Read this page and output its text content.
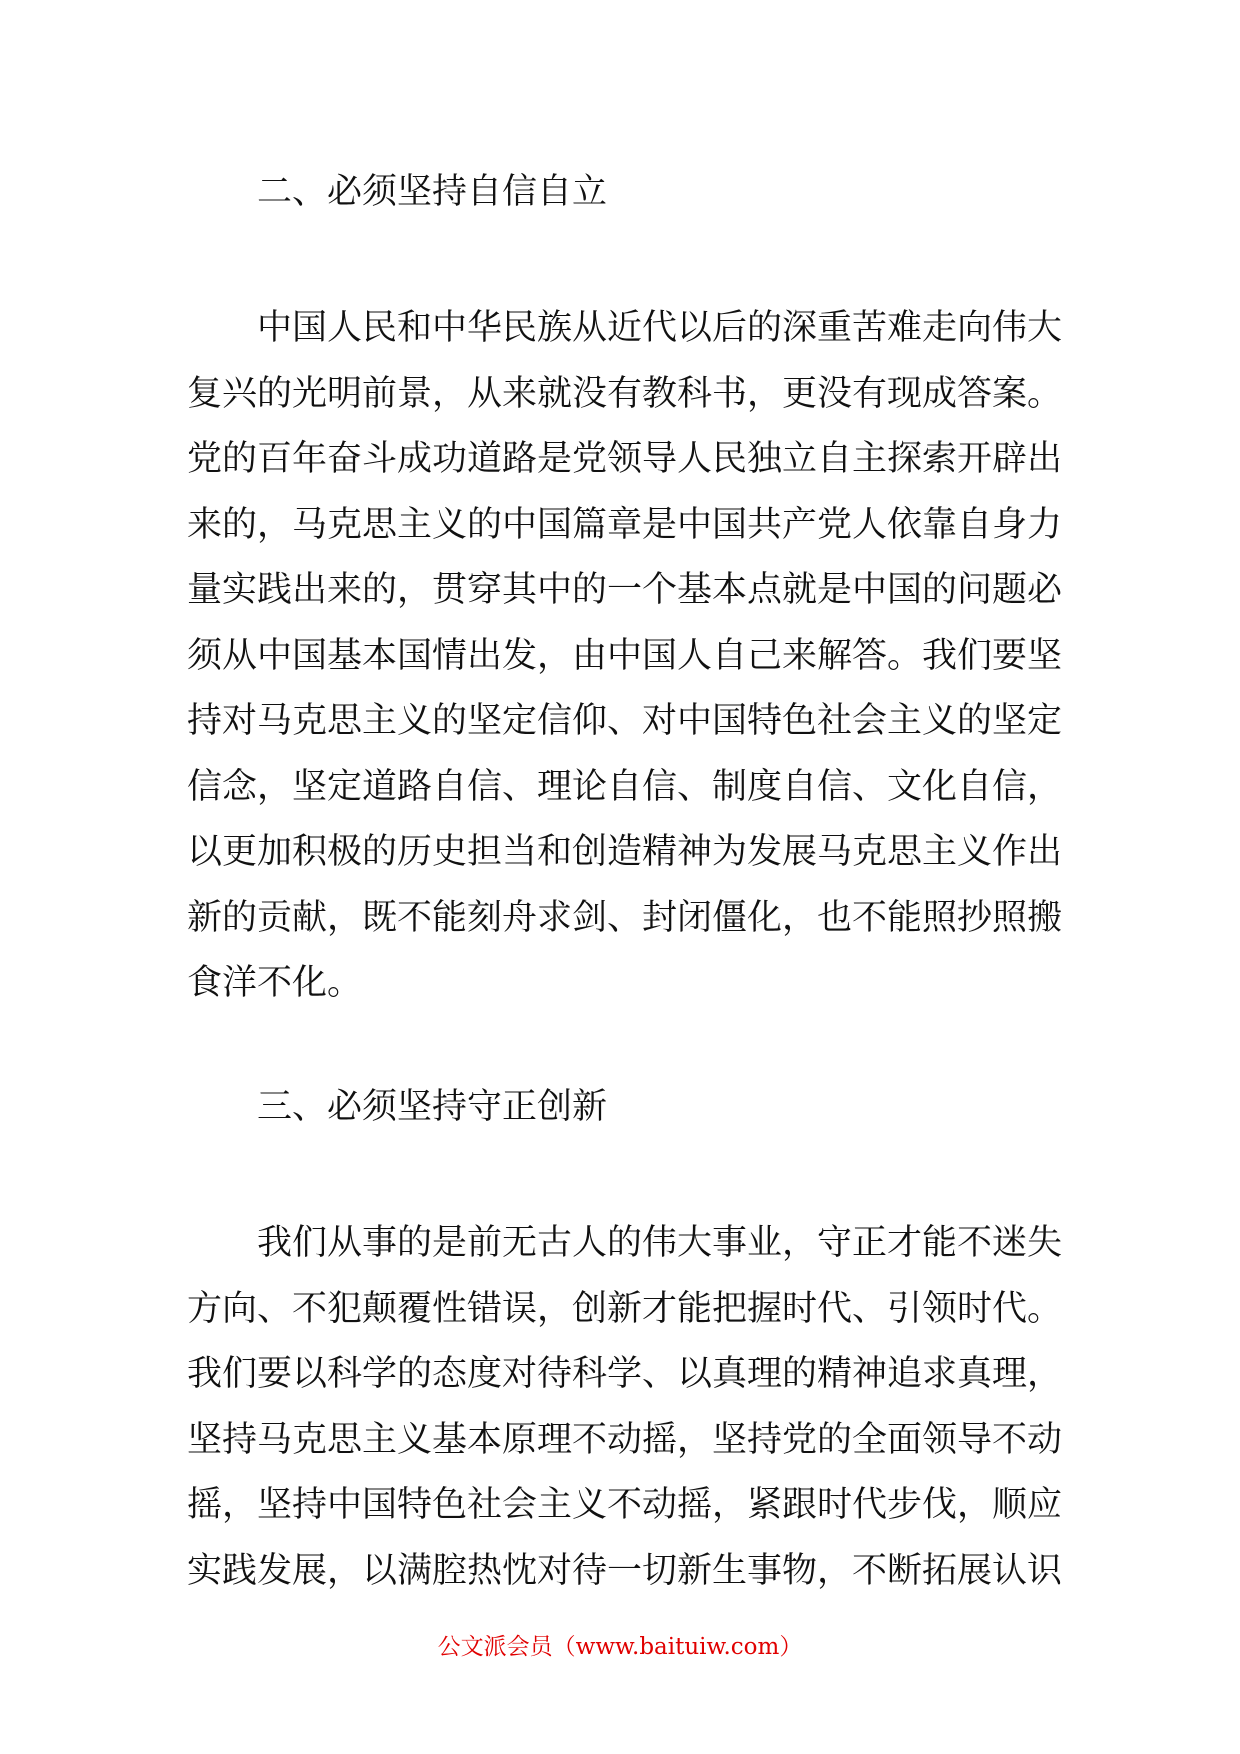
二、必须坚持自信自立
中国人民和中华民族从近代以后的深重苦难走向伟大
复兴的光明前景，从来就没有教科书，更没有现成答案。
党的百年奋斗成功道路是党领导人民独立自主探索开辟出
来的，马克思主义的中国篇章是中国共产党人依靠自身力
量实践出来的，贯穿其中的一个基本点就是中国的问题必
须从中国基本国情出发，由中国人自己来解答。我们要坚
持对马克思主义的坚定信仰、对中国特色社会主义的坚定
信念，坚定道路自信、理论自信、制度自信、文化自信，
以更加积极的历史担当和创造精神为发展马克思主义作出
新的贡献，既不能刻舟求剑、封闭僵化，也不能照抄照搬
食洋不化。
三、必须坚持守正创新
我们从事的是前无古人的伟大事业，守正才能不迷失
方向、不犯颠覆性错误，创新才能把握时代、引领时代。
我们要以科学的态度对待科学、以真理的精神追求真理，
坚持马克思主义基本原理不动摇，坚持党的全面领导不动
摇，坚持中国特色社会主义不动摇，紧跟时代步伐，顺应
实践发展，以满腔热忱对待一切新生事物，不断拓展认识
公文派会员（www.baituiw.com）
